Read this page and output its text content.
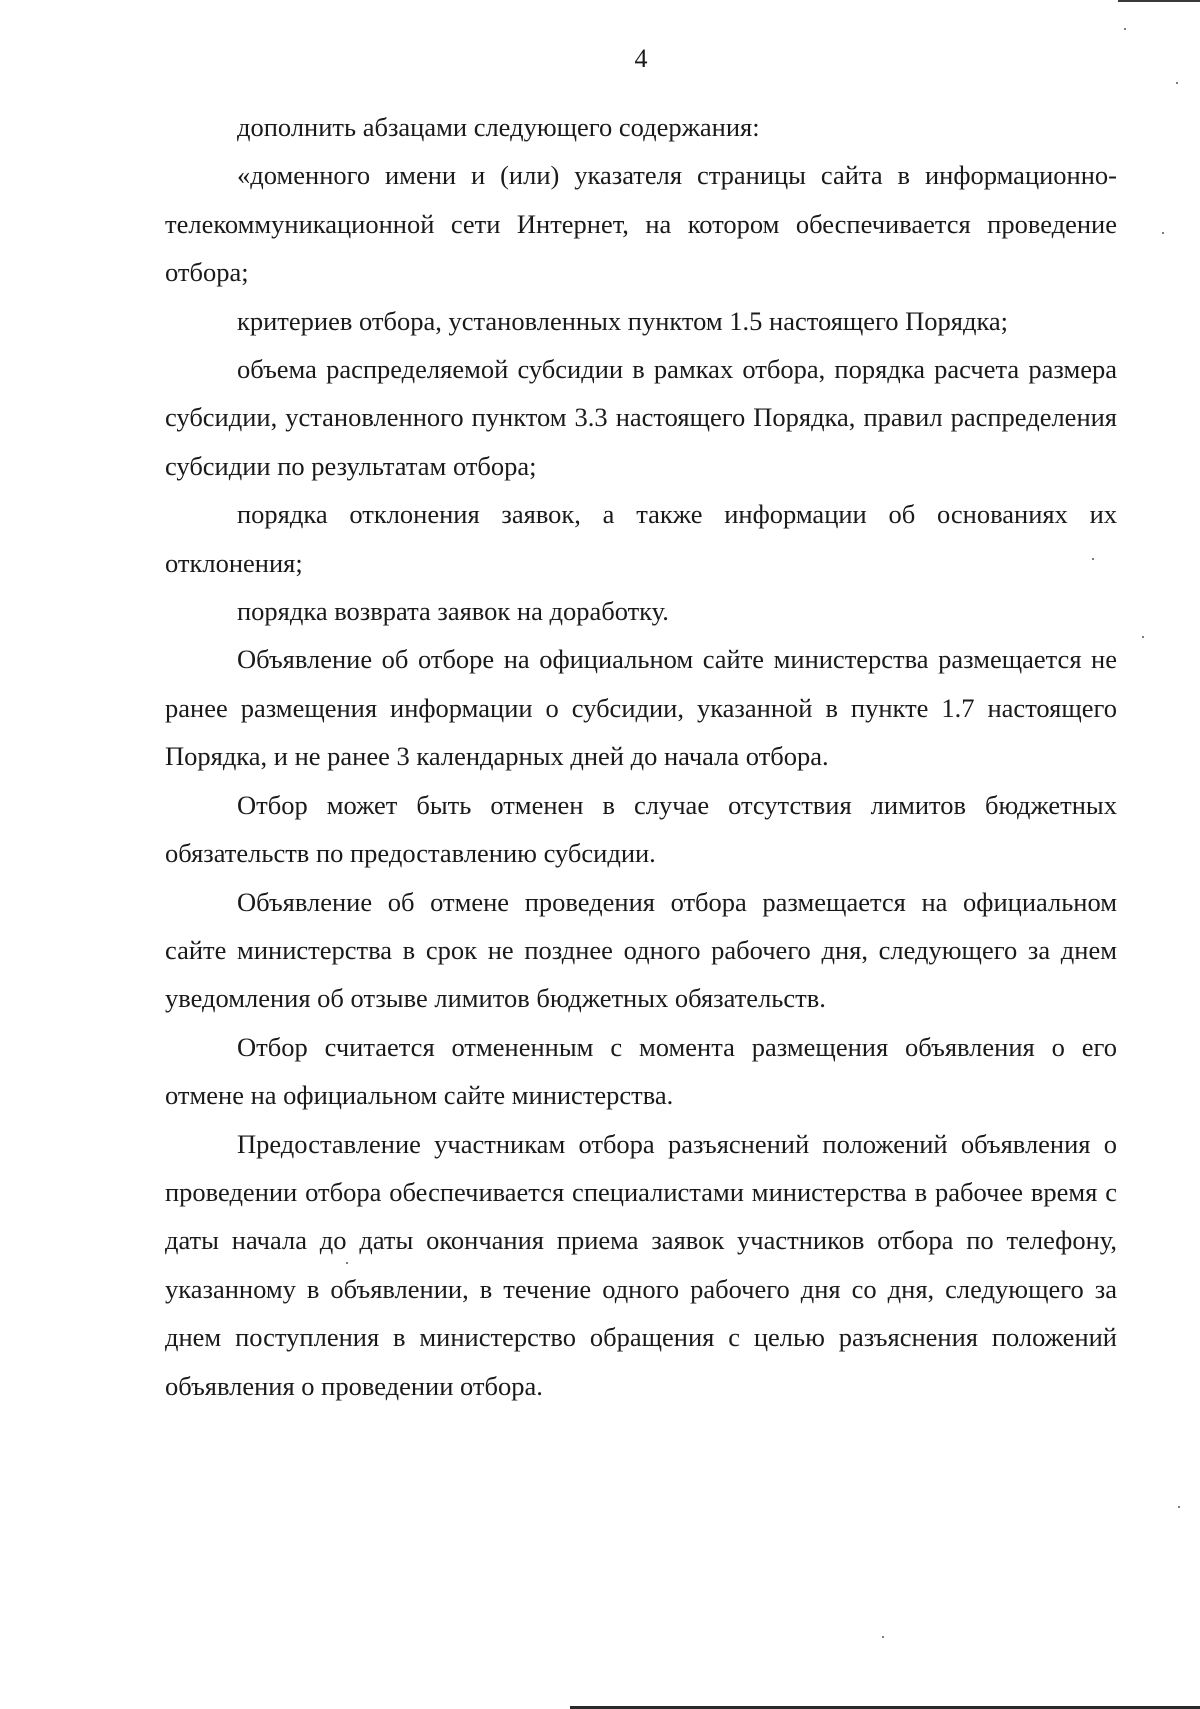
4

дополнить абзацами следующего содержания:

«доменного имени и (или) указателя страницы сайта в информационно-телекоммуникационной сети Интернет, на котором обеспечивается проведение отбора;

критериев отбора, установленных пунктом 1.5 настоящего Порядка;

объема распределяемой субсидии в рамках отбора, порядка расчета размера субсидии, установленного пунктом 3.3 настоящего Порядка, правил распределения субсидии по результатам отбора;

порядка отклонения заявок, а также информации об основаниях их отклонения;

порядка возврата заявок на доработку.

Объявление об отборе на официальном сайте министерства размещается не ранее размещения информации о субсидии, указанной в пункте 1.7 настоящего Порядка, и не ранее 3 календарных дней до начала отбора.

Отбор может быть отменен в случае отсутствия лимитов бюджетных обязательств по предоставлению субсидии.

Объявление об отмене проведения отбора размещается на официальном сайте министерства в срок не позднее одного рабочего дня, следующего за днем уведомления об отзыве лимитов бюджетных обязательств.

Отбор считается отмененным с момента размещения объявления о его отмене на официальном сайте министерства.

Предоставление участникам отбора разъяснений положений объявления о проведении отбора обеспечивается специалистами министерства в рабочее время с даты начала до даты окончания приема заявок участников отбора по телефону, указанному в объявлении, в течение одного рабочего дня со дня, следующего за днем поступления в министерство обращения с целью разъяснения положений объявления о проведении отбора.
